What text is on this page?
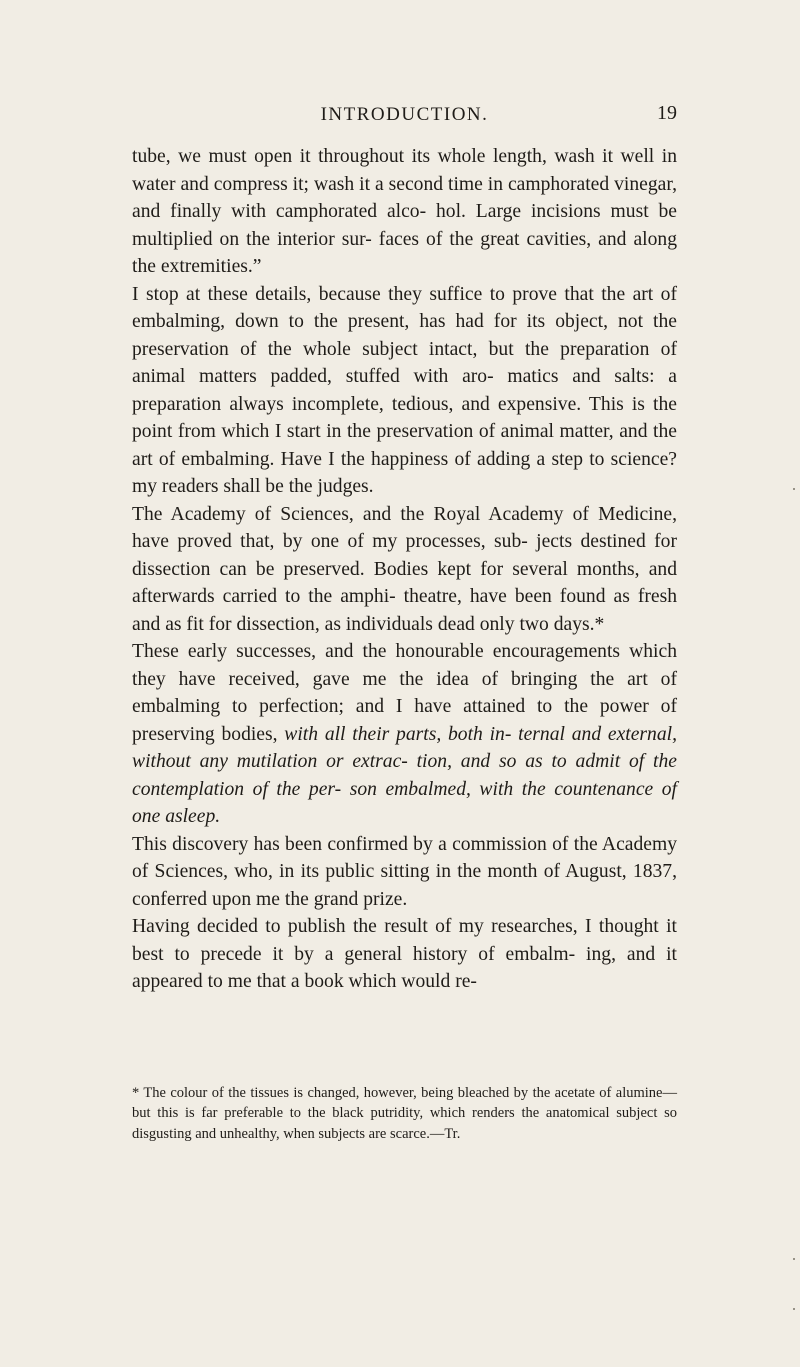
INTRODUCTION.	19

tube, we must open it throughout its whole length, wash it well in water and compress it; wash it a second time in camphorated vinegar, and finally with camphorated alco- hol. Large incisions must be multiplied on the interior sur- faces of the great cavities, and along the extremities.”

I stop at these details, because they suffice to prove that the art of embalming, down to the present, has had for its object, not the preservation of the whole subject intact, but the preparation of animal matters padded, stuffed with aro- matics and salts: a preparation always incomplete, tedious, and expensive. This is the point from which I start in the preservation of animal matter, and the art of embalming. Have I the happiness of adding a step to science? my readers shall be the judges.

The Academy of Sciences, and the Royal Academy of Medicine, have proved that, by one of my processes, sub- jects destined for dissection can be preserved. Bodies kept for several months, and afterwards carried to the amphi- theatre, have been found as fresh and as fit for dissection, as individuals dead only two days.*

These early successes, and the honourable encouragements which they have received, gave me the idea of bringing the art of embalming to perfection; and I have attained to the power of preserving bodies, with all their parts, both in- ternal and external, without any mutilation or extrac- tion, and so as to admit of the contemplation of the per- son embalmed, with the countenance of one asleep.

This discovery has been confirmed by a commission of the Academy of Sciences, who, in its public sitting in the month of August, 1837, conferred upon me the grand prize.

Having decided to publish the result of my researches, I thought it best to precede it by a general history of embalm- ing, and it appeared to me that a book which would re-

* The colour of the tissues is changed, however, being bleached by the acetate of alumine—but this is far preferable to the black putridity, which renders the anatomical subject so disgusting and unhealthy, when subjects are scarce.—Tr.
